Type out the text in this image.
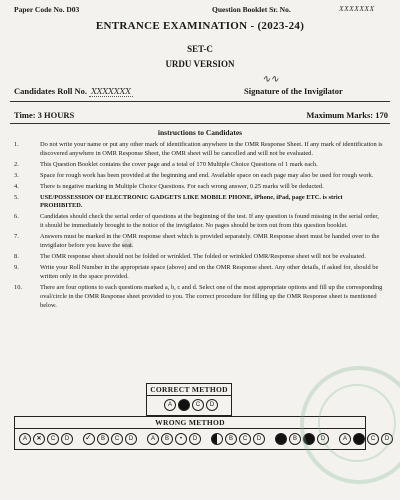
●
Paper Code No. D03	Question Booklet Sr. No.	XXXXXXX
ENTRANCE EXAMINATION - (2023-24)
SET-C
URDU VERSION
Candidates Roll No. XXXXXXX
∿∿
Signature of the Invigilator
Time: 3 HOURS	Maximum Marks: 170
instructions to Candidates
1.	Do not write your name or put any other mark of identification anywhere in the OMR Response Sheet. If any mark of identification is discovered anywhere in OMR Response Sheet, the OMR sheet will be cancelled and will not be evaluated.
2.	This Question Booklet contains the cover page and a total of 170 Multiple Choice Questions of 1 mark each.
3.	Space for rough work has been provided at the beginning and end. Available space on each page may also be used for rough work.
4.	There is negative marking in Multiple Choice Questions. For each wrong answer, 0.25 marks will be deducted.
5.	USE/POSSESSION OF ELECTRONIC GADGETS LIKE MOBILE PHONE, iPhone, iPad, page ETC. is strict PROHIBITED.
6.	Candidates should check the serial order of questions at the beginning of the test. If any question is found missing in the serial order, it should be immediately brought to the notice of the invigilator. No pages should be torn out from this question booklet.
7.	Answers must be marked in the OMR response sheet which is provided separately. OMR Response sheet must be handed over to the invigilator before you leave the seat.
8.	The OMR response sheet should not be folded or wrinkled. The folded or wrinkled OMR/Response sheet will not be evaluated.
9.	Write your Roll Number in the appropriate space (above) and on the OMR Response sheet. Any other details, if asked for, should be written only in the space provided.
10.	There are four options to each questions marked a, b, c and d. Select one of the most appropriate options and fill up the corresponding oval/circle in the OMR Response sheet provided to you. The correct procedure for filling up the OMR Response sheet is mentioned below.
CORRECT METHOD
A	B	C	D
WRONG METHOD
A	✕	C	D
✓	B	C	D	A	B	•	D	B	C	D	B	D	A	C	D
